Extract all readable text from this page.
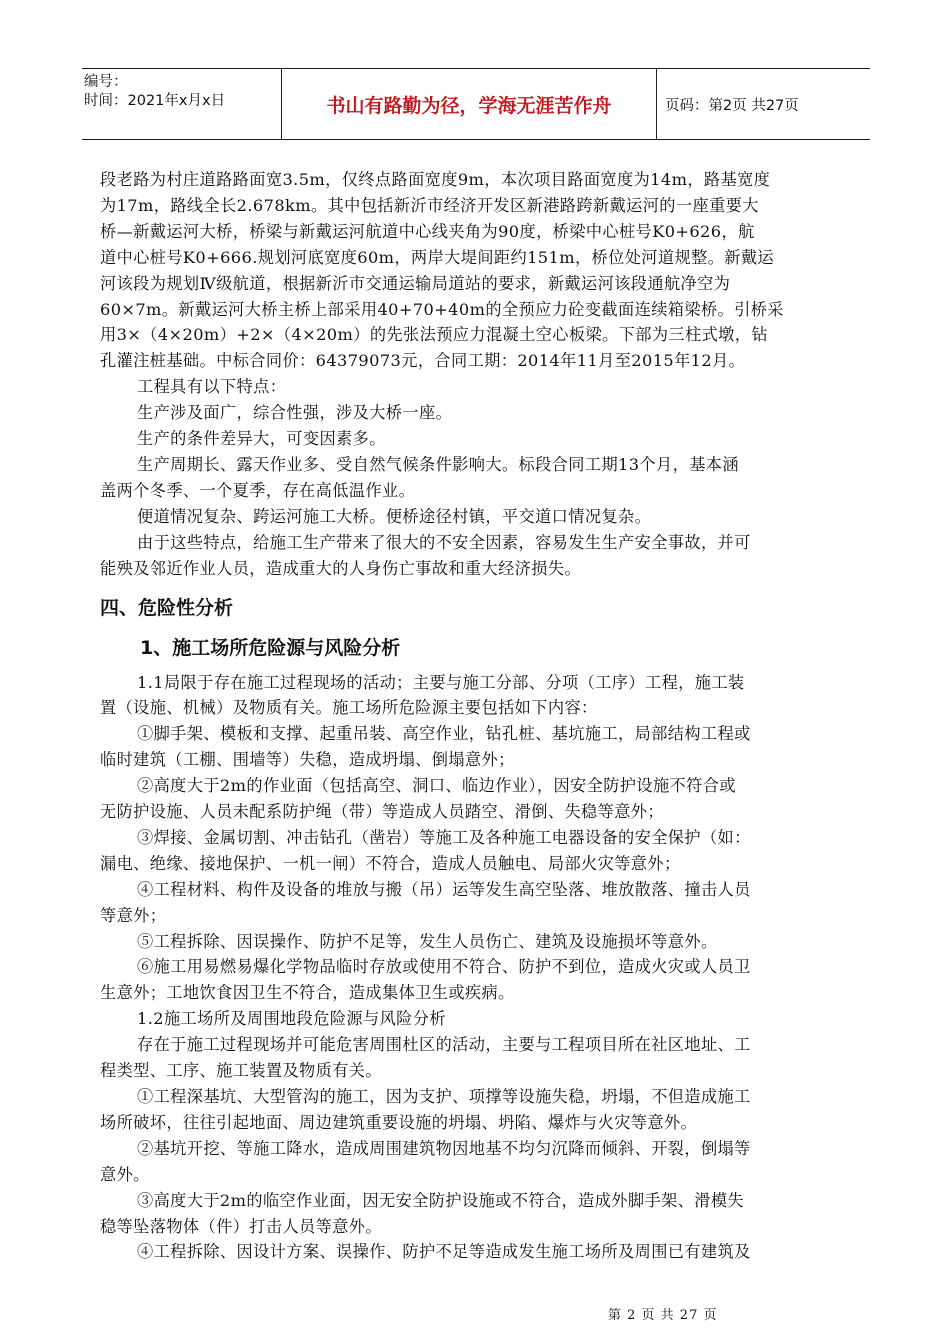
编号：
时间：2021年x月x日	书山有路勤为径，学海无涯苦作舟	页码：第2页 共27页

段老路为村庄道路路面宽3.5m，仅终点路面宽度9m，本次项目路面宽度为14m，路基宽度

为17m，路线全长2.678km。其中包括新沂市经济开发区新港路跨新戴运河的一座重要大

桥—新戴运河大桥，桥梁与新戴运河航道中心线夹角为90度，桥梁中心桩号K0+626，航

道中心桩号K0+666.规划河底宽度60m，两岸大堤间距约151m，桥位处河道规整。新戴运

河该段为规划Ⅳ级航道，根据新沂市交通运输局道站的要求，新戴运河该段通航净空为

60×7m。新戴运河大桥主桥上部采用40+70+40m的全预应力砼变截面连续箱梁桥。引桥采

用3×（4×20m）+2×（4×20m）的先张法预应力混凝土空心板梁。下部为三柱式墩，钻

孔灌注桩基础。中标合同价：64379073元，合同工期：2014年11月至2015年12月。

工程具有以下特点：

生产涉及面广，综合性强，涉及大桥一座。

生产的条件差异大，可变因素多。

生产周期长、露天作业多、受自然气候条件影响大。标段合同工期13个月，基本涵

盖两个冬季、一个夏季，存在高低温作业。

便道情况复杂、跨运河施工大桥。便桥途径村镇，平交道口情况复杂。

由于这些特点，给施工生产带来了很大的不安全因素，容易发生生产安全事故，并可

能殃及邻近作业人员，造成重大的人身伤亡事故和重大经济损失。

四、危险性分析
1、施工场所危险源与风险分析

1.1局限于存在施工过程现场的活动；主要与施工分部、分项（工序）工程，施工装

置（设施、机械）及物质有关。施工场所危险源主要包括如下内容：

①脚手架、模板和支撑、起重吊装、高空作业，钻孔桩、基坑施工，局部结构工程或

临时建筑（工棚、围墙等）失稳，造成坍塌、倒塌意外；

②高度大于2m的作业面（包括高空、洞口、临边作业），因安全防护设施不符合或

无防护设施、人员未配系防护绳（带）等造成人员踏空、滑倒、失稳等意外；

③焊接、金属切割、冲击钻孔（凿岩）等施工及各种施工电器设备的安全保护（如：

漏电、绝缘、接地保护、一机一闸）不符合，造成人员触电、局部火灾等意外；

④工程材料、构件及设备的堆放与搬（吊）运等发生高空坠落、堆放散落、撞击人员

等意外；

⑤工程拆除、因误操作、防护不足等，发生人员伤亡、建筑及设施损坏等意外。

⑥施工用易燃易爆化学物品临时存放或使用不符合、防护不到位，造成火灾或人员卫

生意外；工地饮食因卫生不符合，造成集体卫生或疾病。

1.2施工场所及周围地段危险源与风险分析

存在于施工过程现场并可能危害周围杜区的活动，主要与工程项目所在社区地址、工

程类型、工序、施工装置及物质有关。

①工程深基坑、大型管沟的施工，因为支护、项撑等设施失稳，坍塌，不但造成施工

场所破坏，往往引起地面、周边建筑重要设施的坍塌、坍陷、爆炸与火灾等意外。

②基坑开挖、等施工降水，造成周围建筑物因地基不均匀沉降而倾斜、开裂，倒塌等

意外。

③高度大于2m的临空作业面，因无安全防护设施或不符合，造成外脚手架、滑模失

稳等坠落物体（件）打击人员等意外。

④工程拆除、因设计方案、误操作、防护不足等造成发生施工场所及周围已有建筑及

第 2 页 共 27 页
